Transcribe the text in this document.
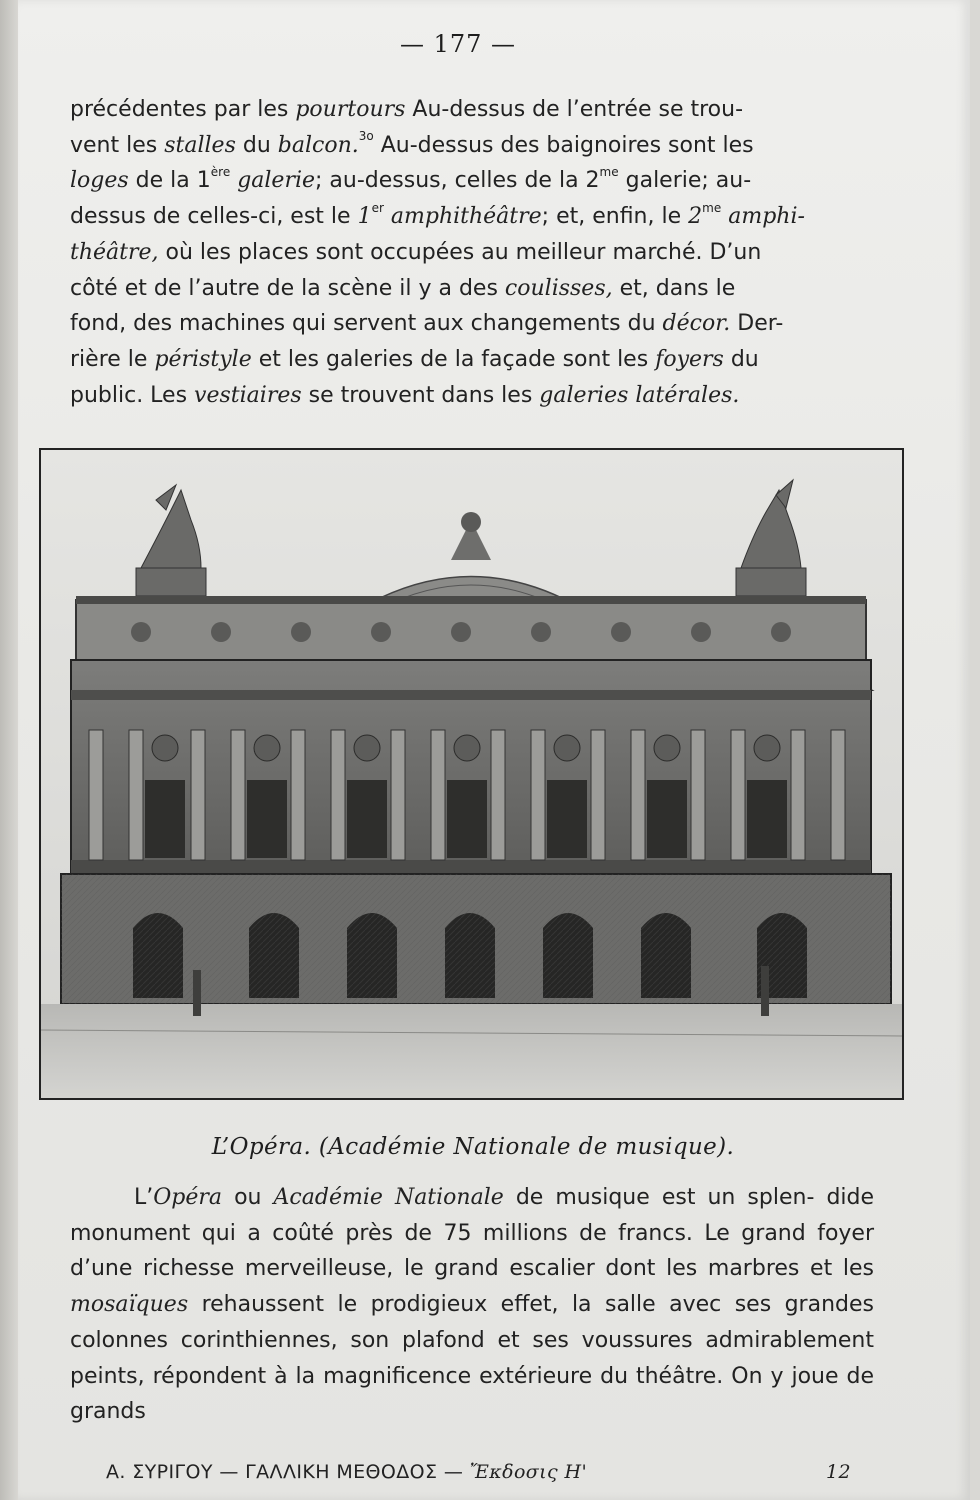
— 177 —

précédentes par les pourtours Au-dessus de l’entrée se trou-

vent les stalles du balcon.$^{3o}$ Au-dessus des baignoires sont les

loges de la 1ère galerie; au-dessus, celles de la $2^{me}$ galerie; au-

dessus de celles-ci, est le 1er amphithéâtre; et, enfin, le $2^{me}$ amphi-

théâtre, où les places sont occupées au meilleur marché. D’un

côté et de l’autre de la scène il y a des coulisses, et, dans le

fond, des machines qui servent aux changements du décor. Der-

rière le péristyle et les galeries de la façade sont les foyers du

public. Les vestiaires se trouvent dans les galeries latérales.

L’Opéra. (Académie Nationale de musique).

L’Opéra ou Académie Nationale de musique est un splen- dide monument qui a coûté près de 75 millions de francs. Le grand foyer d’une richesse merveilleuse, le grand escalier dont les marbres et les mosaïques rehaussent le prodigieux effet, la salle avec ses grandes colonnes corinthiennes, son plafond et ses voussures admirablement peints, répondent à la magnificence extérieure du théâtre. On y joue de grands

Α. ΣΥΡΙΓΟΥ — ΓΑΛΛΙΚΗ ΜΕΘΟΔΟΣ — Ἔκδοσις Η'	12
